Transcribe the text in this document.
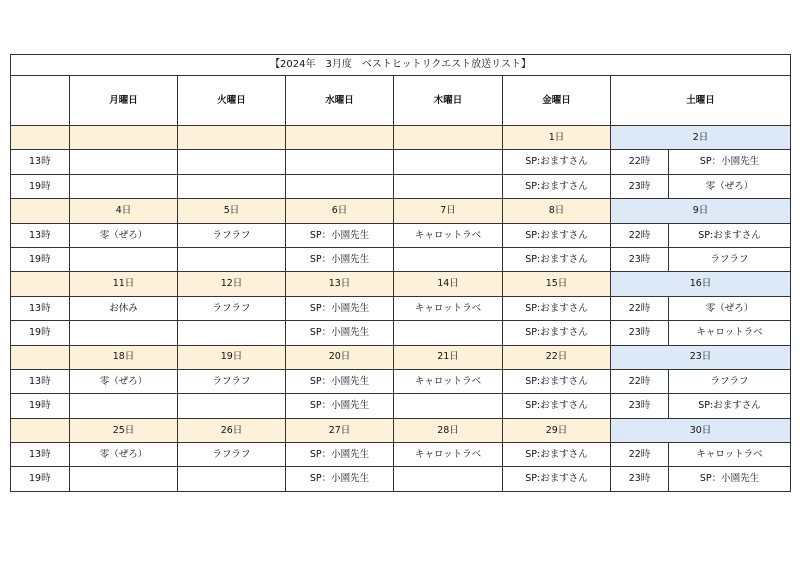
【2024年　3月度　ベストヒットリクエスト放送リスト】							
	月曜日	火曜日	水曜日	木曜日	金曜日	土曜日	
					1日	2日	
13時					SP:おますさん	22時	SP：小園先生
19時					SP:おますさん	23時	零（ぜろ）
	4日	5日	6日	7日	8日	9日	
13時	零（ぜろ）	ラフラフ	SP：小園先生	キャロットラベ	SP:おますさん	22時	SP:おますさん
19時			SP：小園先生		SP:おますさん	23時	ラフラフ
	11日	12日	13日	14日	15日	16日	
13時	お休み	ラフラフ	SP：小園先生	キャロットラベ	SP:おますさん	22時	零（ぜろ）
19時			SP：小園先生		SP:おますさん	23時	キャロットラベ
	18日	19日	20日	21日	22日	23日	
13時	零（ぜろ）	ラフラフ	SP：小園先生	キャロットラベ	SP:おますさん	22時	ラフラフ
19時			SP：小園先生		SP:おますさん	23時	SP:おますさん
	25日	26日	27日	28日	29日	30日	
13時	零（ぜろ）	ラフラフ	SP：小園先生	キャロットラベ	SP:おますさん	22時	キャロットラベ
19時			SP：小園先生		SP:おますさん	23時	SP：小園先生
